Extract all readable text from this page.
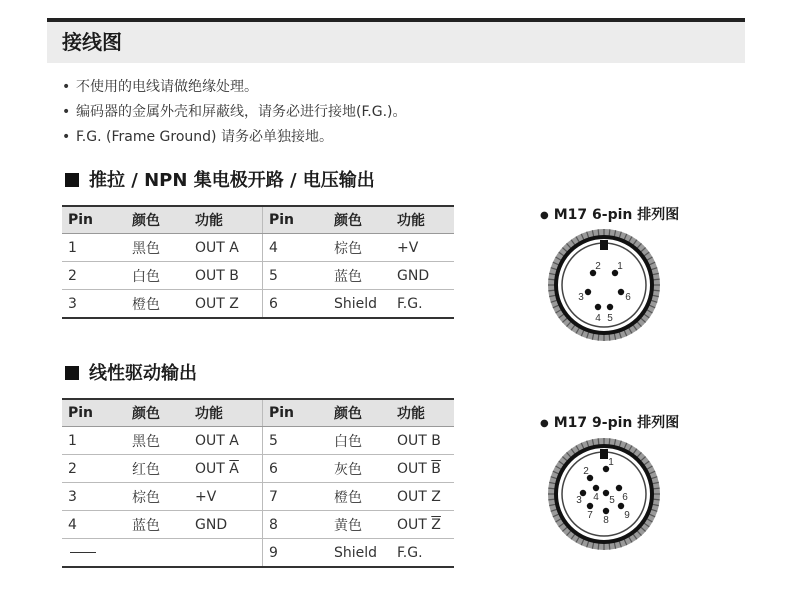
接线图
• 不使用的电线请做绝缘处理。
• 编码器的金属外壳和屏蔽线，请务必进行接地(F.G.)。
• F.G. (Frame Ground) 请务必单独接地。
推拉 / NPN 集电极开路 / 电压输出
Pin	颜色	功能	Pin	颜色	功能
1	黑色	OUT A	4	棕色	+V
2	白色	OUT B	5	蓝色	GND
3	橙色	OUT Z	6	Shield	F.G.
线性驱动输出
Pin	颜色	功能	Pin	颜色	功能
1	黑色	OUT A	5	白色	OUT B
2	红色	OUT $\overline{A}$	6	灰色	OUT $\overline{B}$
3	棕色	+V	7	橙色	OUT Z
4	蓝色	GND	8	黄色	OUT $\overline{Z}$
			9	Shield	F.G.
● M17 6-pin 排列图
1
2
3
4 5
6
● M17 9-pin 排列图
1
2
3 4 5 6
7 8 9
